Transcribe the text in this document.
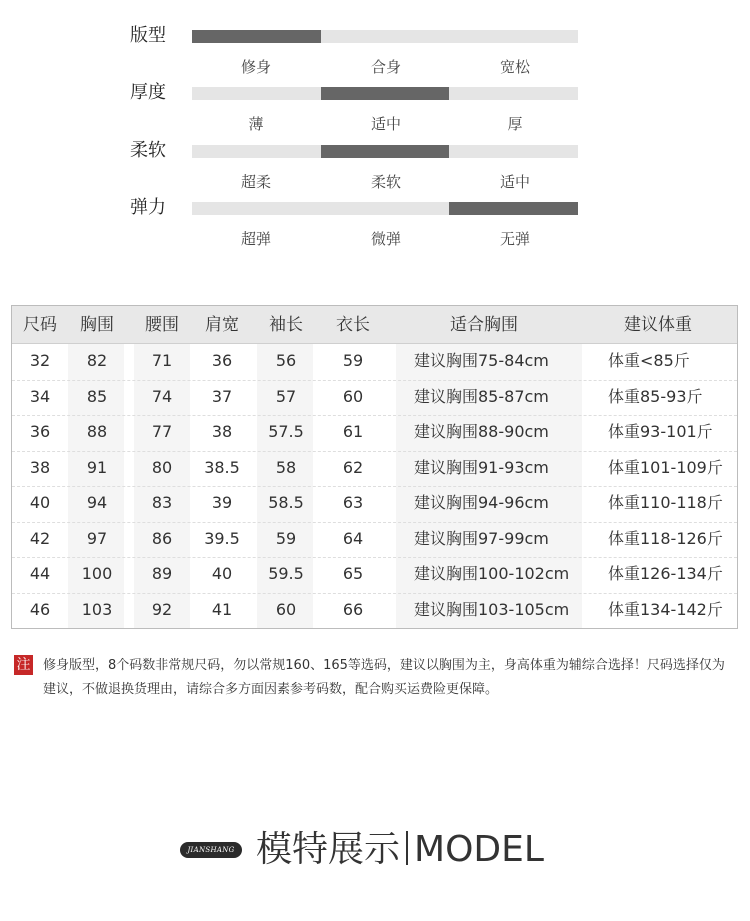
版型
修身	合身	宽松
厚度
薄	适中	厚
柔软
超柔	柔软	适中
弹力
超弹	微弹	无弹
尺码	胸围	腰围	肩宽	袖长	衣长	适合胸围	建议体重
32	82	71	36	56	59	建议胸围75-84cm	体重<85斤
34	85	74	37	57	60	建议胸围85-87cm	体重85-93斤
36	88	77	38	57.5	61	建议胸围88-90cm	体重93-101斤
38	91	80	38.5	58	62	建议胸围91-93cm	体重101-109斤
40	94	83	39	58.5	63	建议胸围94-96cm	体重110-118斤
42	97	86	39.5	59	64	建议胸围97-99cm	体重118-126斤
44	100	89	40	59.5	65	建议胸围100-102cm 体重126-134斤
46	103	92	41	60	66	建议胸围103-105cm 体重134-142斤
注 修身版型，8个码数非常规尺码，勿以常规160、165等选码，建议以胸围为主，身高体重为辅综合选择！尺码选择仅为建议，不做退换货理由，请综合多方面因素参考码数，配合购买运费险更保障。
JIANSHANG 模特展示 MODEL
